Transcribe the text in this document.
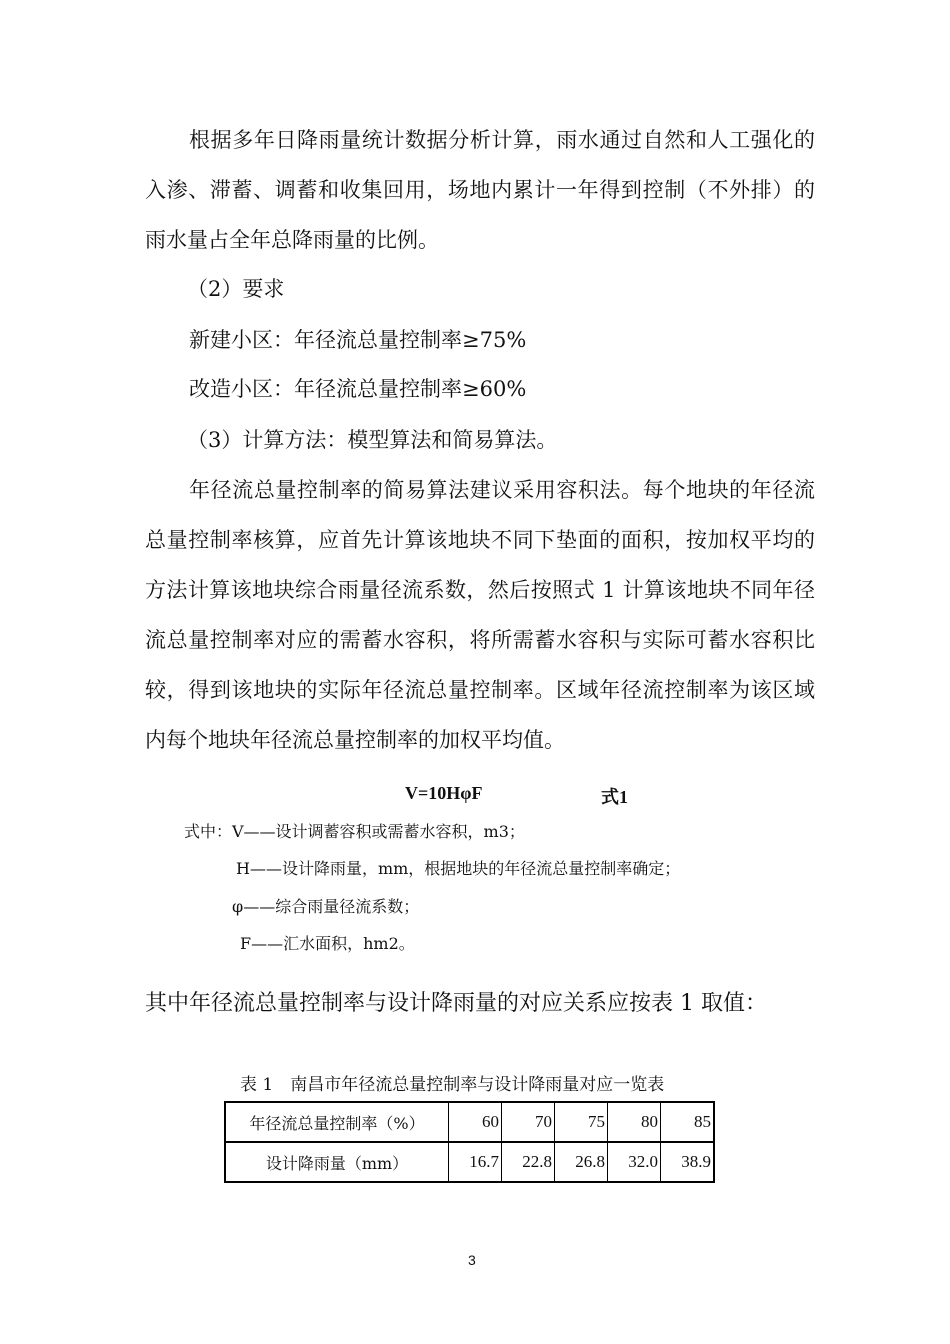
根据多年日降雨量统计数据分析计算，雨水通过自然和人工强化的入渗、滞蓄、调蓄和收集回用，场地内累计一年得到控制（不外排）的雨水量占全年总降雨量的比例。

（2）要求

新建小区：年径流总量控制率≥75%

改造小区：年径流总量控制率≥60%

（3）计算方法：模型算法和简易算法。

年径流总量控制率的简易算法建议采用容积法。每个地块的年径流总量控制率核算，应首先计算该地块不同下垫面的面积，按加权平均的方法计算该地块综合雨量径流系数，然后按照式 1 计算该地块不同年径流总量控制率对应的需蓄水容积，将所需蓄水容积与实际可蓄水容积比较，得到该地块的实际年径流总量控制率。区域年径流控制率为该区域内每个地块年径流总量控制率的加权平均值。

V=10HφF	式1
式中：V——设计调蓄容积或需蓄水容积，m3；
H——设计降雨量，mm，根据地块的年径流总量控制率确定；
φ——综合雨量径流系数；
F——汇水面积，hm2。

其中年径流总量控制率与设计降雨量的对应关系应按表 1 取值：

表 1　南昌市年径流总量控制率与设计降雨量对应一览表
年径流总量控制率（%）	60	70	75	80	85
设计降雨量（mm）	16.7	22.8	26.8	32.0	38.9
3
